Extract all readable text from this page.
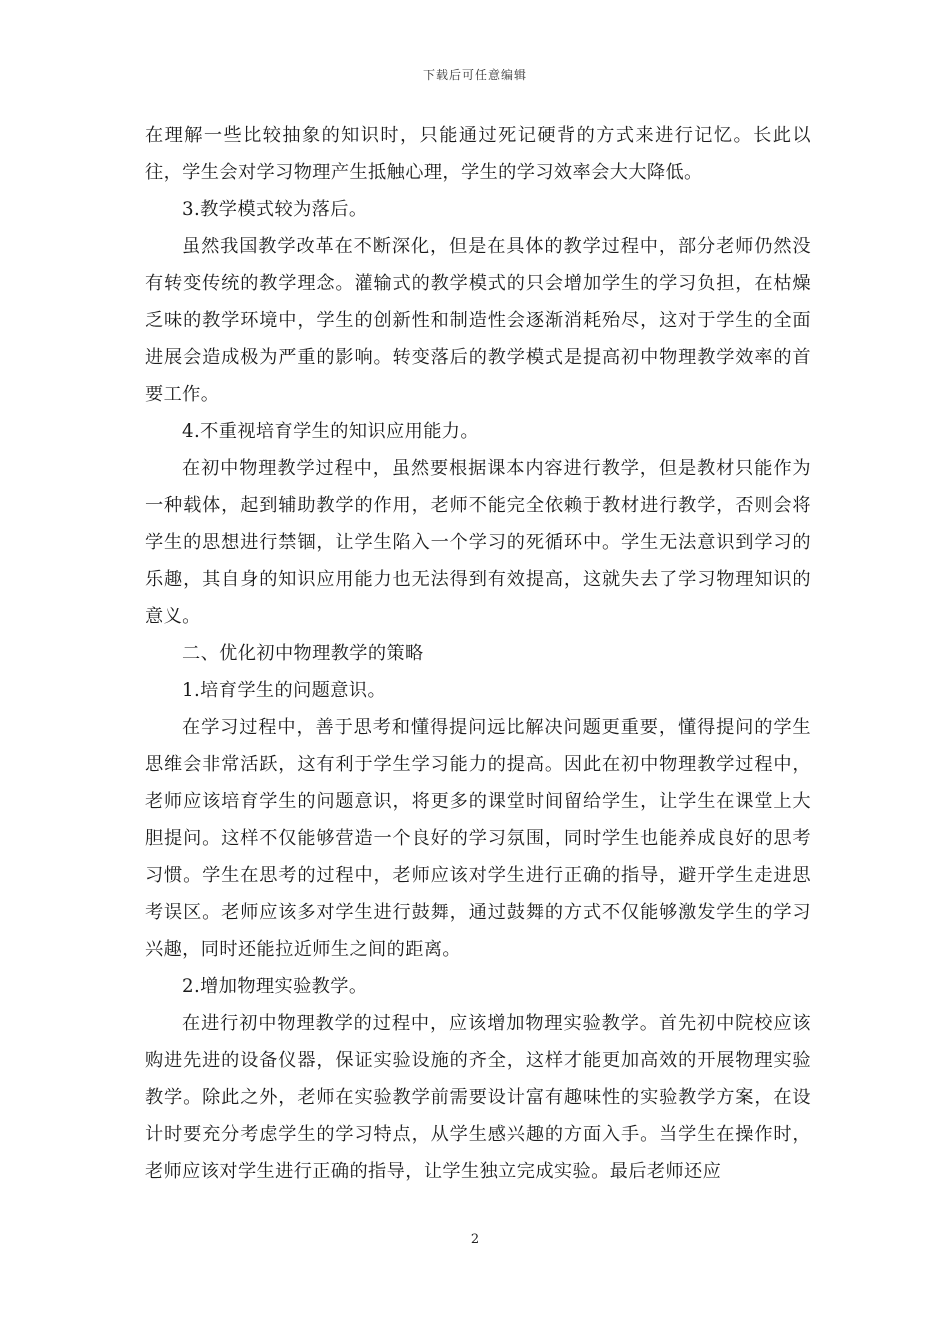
下载后可任意编辑

在理解一些比较抽象的知识时，只能通过死记硬背的方式来进行记忆。长此以往，学生会对学习物理产生抵触心理，学生的学习效率会大大降低。

3.教学模式较为落后。

虽然我国教学改革在不断深化，但是在具体的教学过程中，部分老师仍然没有转变传统的教学理念。灌输式的教学模式的只会增加学生的学习负担，在枯燥乏味的教学环境中，学生的创新性和制造性会逐渐消耗殆尽，这对于学生的全面进展会造成极为严重的影响。转变落后的教学模式是提高初中物理教学效率的首要工作。

4.不重视培育学生的知识应用能力。

在初中物理教学过程中，虽然要根据课本内容进行教学，但是教材只能作为一种载体，起到辅助教学的作用，老师不能完全依赖于教材进行教学，否则会将学生的思想进行禁锢，让学生陷入一个学习的死循环中。学生无法意识到学习的乐趣，其自身的知识应用能力也无法得到有效提高，这就失去了学习物理知识的意义。

二、优化初中物理教学的策略

1.培育学生的问题意识。

在学习过程中，善于思考和懂得提问远比解决问题更重要，懂得提问的学生思维会非常活跃，这有利于学生学习能力的提高。因此在初中物理教学过程中，老师应该培育学生的问题意识，将更多的课堂时间留给学生，让学生在课堂上大胆提问。这样不仅能够营造一个良好的学习氛围，同时学生也能养成良好的思考习惯。学生在思考的过程中，老师应该对学生进行正确的指导，避开学生走进思考误区。老师应该多对学生进行鼓舞，通过鼓舞的方式不仅能够激发学生的学习兴趣，同时还能拉近师生之间的距离。

2.增加物理实验教学。

在进行初中物理教学的过程中，应该增加物理实验教学。首先初中院校应该购进先进的设备仪器，保证实验设施的齐全，这样才能更加高效的开展物理实验教学。除此之外，老师在实验教学前需要设计富有趣味性的实验教学方案，在设计时要充分考虑学生的学习特点，从学生感兴趣的方面入手。当学生在操作时，老师应该对学生进行正确的指导，让学生独立完成实验。最后老师还应

2
